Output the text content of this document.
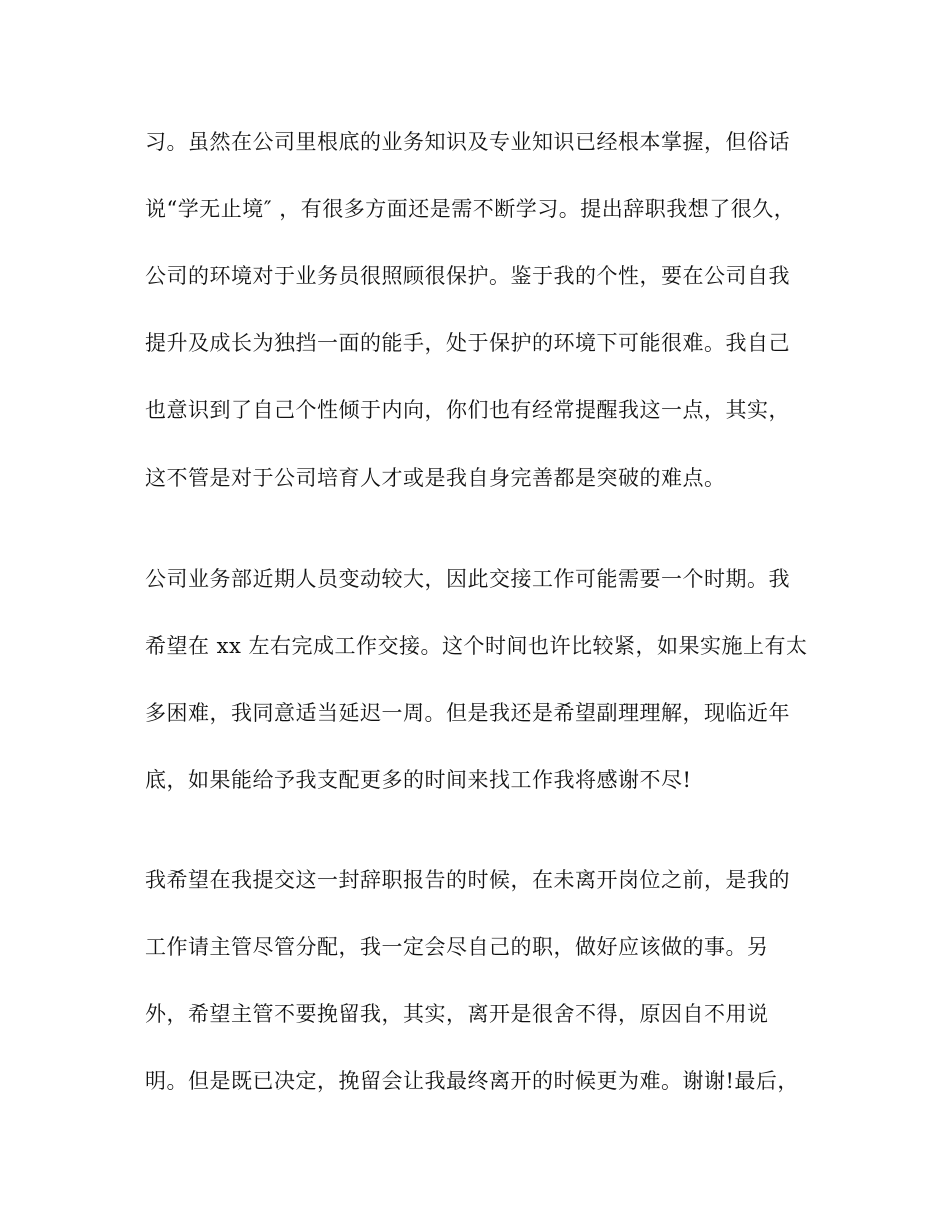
习。虽然在公司里根底的业务知识及专业知识已经根本掌握，但俗话
说“学无止境″ ，有很多方面还是需不断学习。提出辞职我想了很久，
公司的环境对于业务员很照顾很保护。鉴于我的个性，要在公司自我
提升及成长为独挡一面的能手，处于保护的环境下可能很难。我自己
也意识到了自己个性倾于内向，你们也有经常提醒我这一点，其实，
这不管是对于公司培育人才或是我自身完善都是突破的难点。
公司业务部近期人员变动较大，因此交接工作可能需要一个时期。我
希望在 xx 左右完成工作交接。这个时间也许比较紧，如果实施上有太
多困难，我同意适当延迟一周。但是我还是希望副理理解，现临近年
底，如果能给予我支配更多的时间来找工作我将感谢不尽!
我希望在我提交这一封辞职报告的时候，在未离开岗位之前，是我的
工作请主管尽管分配，我一定会尽自己的职，做好应该做的事。另
外，希望主管不要挽留我，其实，离开是很舍不得，原因自不用说
明。但是既已决定，挽留会让我最终离开的时候更为难。谢谢!最后，
